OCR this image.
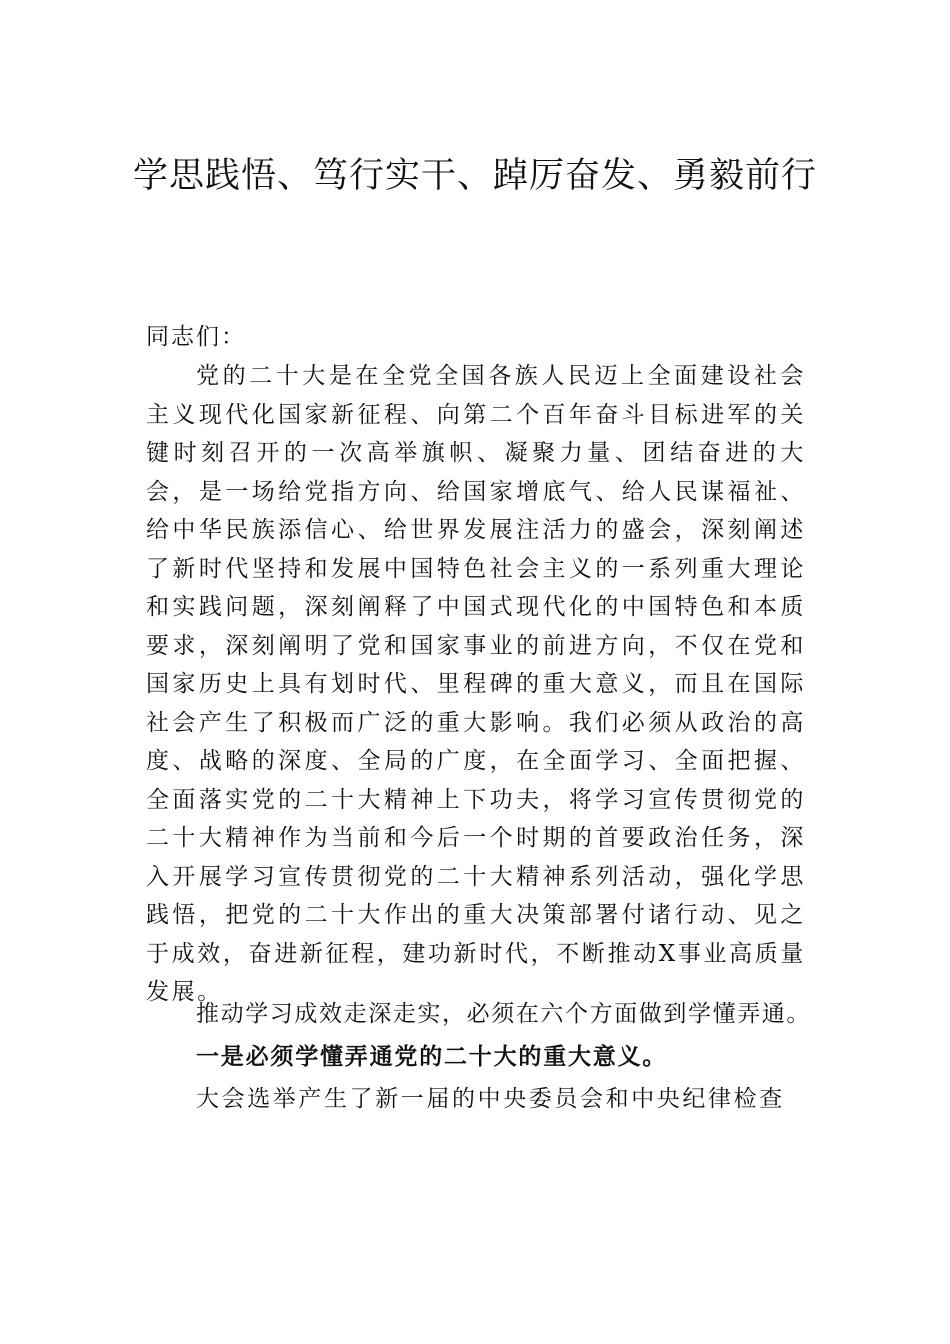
学思践悟、笃行实干、踔厉奋发、勇毅前行
同志们：

党的二十大是在全党全国各族人民迈上全面建设社会主义现代化国家新征程、向第二个百年奋斗目标进军的关键时刻召开的一次高举旗帜、凝聚力量、团结奋进的大会，是一场给党指方向、给国家增底气、给人民谋福祉、给中华民族添信心、给世界发展注活力的盛会，深刻阐述了新时代坚持和发展中国特色社会主义的一系列重大理论和实践问题，深刻阐释了中国式现代化的中国特色和本质要求，深刻阐明了党和国家事业的前进方向，不仅在党和国家历史上具有划时代、里程碑的重大意义，而且在国际社会产生了积极而广泛的重大影响。我们必须从政治的高度、战略的深度、全局的广度，在全面学习、全面把握、全面落实党的二十大精神上下功夫，将学习宣传贯彻党的二十大精神作为当前和今后一个时期的首要政治任务，深入开展学习宣传贯彻党的二十大精神系列活动，强化学思践悟，把党的二十大作出的重大决策部署付诸行动、见之于成效，奋进新征程，建功新时代，不断推动X事业高质量发展。

推动学习成效走深走实，必须在六个方面做到学懂弄通。

一是必须学懂弄通党的二十大的重大意义。

大会选举产生了新一届的中央委员会和中央纪律检查
